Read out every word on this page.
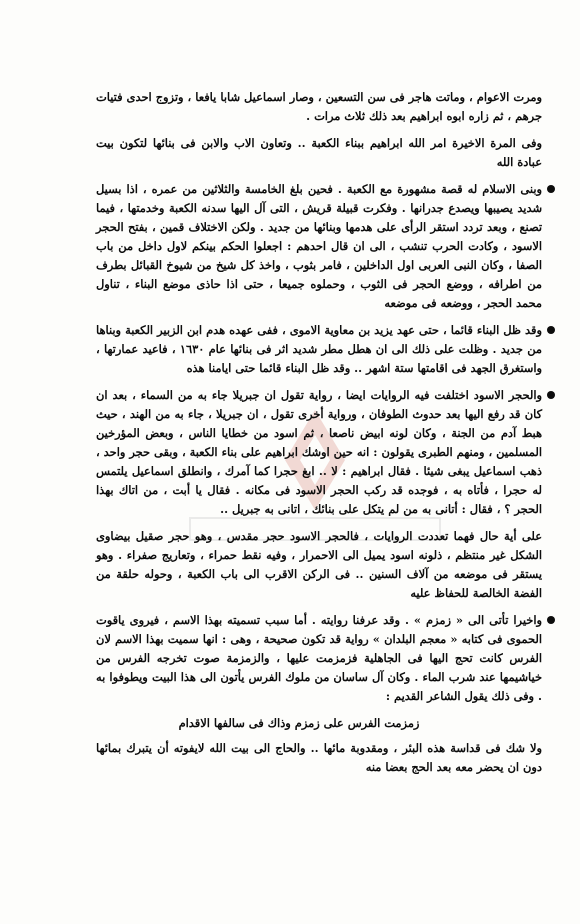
ومرت الاعوام ، وماتت هاجر فى سن التسعين ، وصار اسماعيل شابا يافعا ، وتزوج احدى فتيات جرهم ، ثم زاره ابوه ابراهيم بعد ذلك ثلاث مرات .

وفى المرة الاخيرة امر الله ابراهيم ببناء الكعبة .. وتعاون الاب والابن فى بنائها لتكون بيت عبادة الله

وبنى الاسلام له قصة مشهورة مع الكعبة . فحين بلغ الخامسة والثلاثين من عمره ، اذا بسيل شديد يصيبها ويصدع جدرانها . وفكرت قبيلة قريش ، التى آل اليها سدنه الكعبة وخدمتها ، فيما تصنع ، وبعد تردد استقر الرأى على هدمها وبنائها من جديد . ولكن الاختلاف قمين ، بفتح الحجر الاسود ، وكادت الحرب تنشب ، الى ان قال احدهم : اجعلوا الحكم بينكم لاول داخل من باب الصفا ، وكان النبى العربى اول الداخلين ، فامر بثوب ، واخذ كل شيخ من شيوخ القبائل بطرف من اطرافه ، ووضع الحجر فى الثوب ، وحملوه جميعا ، حتى اذا حاذى موضع البناء ، تناول محمد الحجر ، ووضعه فى موضعه

وقد ظل البناء قائما ، حتى عهد يزيد بن معاوية الاموى ، ففى عهده هدم ابن الزبير الكعبة وبناها من جديد . وظلت على ذلك الى ان هطل مطر شديد اثر فى بنائها عام ١٦٣٠ ، فاعيد عمارتها ، واستغرق الجهد فى اقامتها ستة اشهر .. وقد ظل البناء قائما حتى ايامنا هذه

والحجر الاسود اختلفت فيه الروايات ايضا ، رواية تقول ان جبريلا جاء به من السماء ، بعد ان كان قد رفع اليها بعد حدوث الطوفان ، ورواية أخرى تقول ، ان جبريلا ، جاء به من الهند ، حيث هبط آدم من الجنة ، وكان لونه ابيض ناصعا ، ثم اسود من خطايا الناس ، وبعض المؤرخين المسلمين ، ومنهم الطبرى يقولون : انه حين اوشك ابراهيم على بناء الكعبة ، وبقى حجر واحد ، ذهب اسماعيل يبغى شيئا . فقال ابراهيم : لا .. ابغ حجرا كما آمرك ، وانطلق اسماعيل يلتمس له حجرا ، فأتاه به ، فوجده قد ركب الحجر الاسود فى مكانه . فقال يا أبت ، من اتاك بهذا الحجر ؟ ، فقال : أتانى به من لم يتكل على بنائك ، اتانى به جبريل ..

على أية حال فهما تعددت الروايات ، فالحجر الاسود حجر مقدس ، وهو حجر صقيل بيضاوى الشكل غير منتظم ، ذلونه اسود يميل الى الاحمرار ، وفيه نقط حمراء ، وتعاريج صفراء . وهو يستقر فى موضعه من آلاف السنين .. فى الركن الاقرب الى باب الكعبة ، وحوله حلقة من الفضة الخالصة للحفاظ عليه

واخيرا تأتى الى « زمزم » . وقد عرفنا روايته . أما سبب تسميته بهذا الاسم ، فيروى ياقوت الحموى فى كتابه « معجم البلدان » رواية قد تكون صحيحة ، وهى : انها سميت بهذا الاسم لان الفرس كانت تحج اليها فى الجاهلية فزمزمت عليها ، والزمزمة صوت تخرجه الفرس من خياشيمها عند شرب الماء . وكان آل ساسان من ملوك الفرس يأتون الى هذا البيت ويطوفوا به . وفى ذلك يقول الشاعر القديم :

زمزمت الفرس على زمزم وذاك فى سالفها الاقدام

ولا شك فى قداسة هذه البئر ، ومقدوبة مائها .. والحاج الى بيت الله لايفوته أن يتبرك بمائها دون ان يحضر معه بعد الحج بعضا منه
